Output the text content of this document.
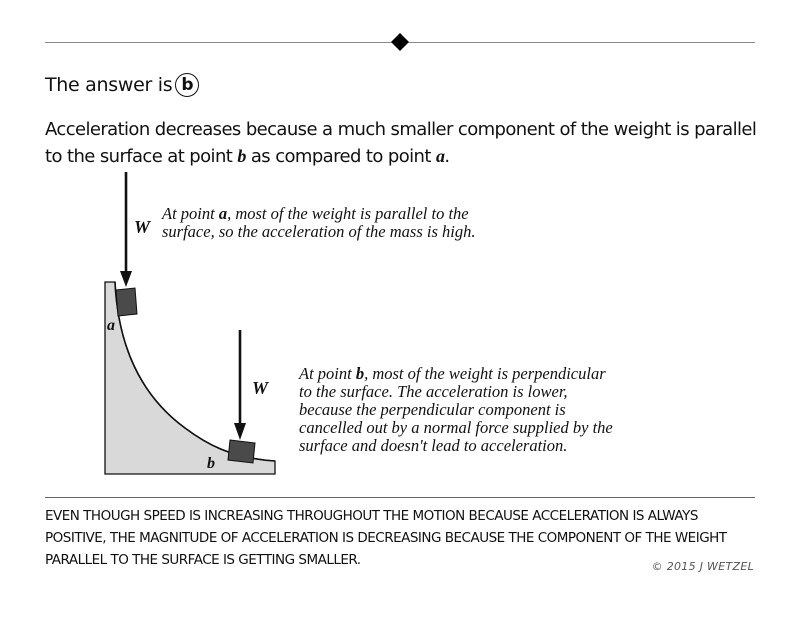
The answer is b
Acceleration decreases because a much smaller component of the weight is parallel to the surface at point b as compared to point a.
W
W
a
b
At point a, most of the weight is parallel to the surface, so the acceleration of the mass is high.
At point b, most of the weight is perpendicular to the surface. The acceleration is lower, because the perpendicular component is cancelled out by a normal force supplied by the surface and doesn't lead to acceleration.
EVEN THOUGH SPEED IS INCREASING THROUGHOUT THE MOTION BECAUSE ACCELERATION IS ALWAYS POSITIVE, THE MAGNITUDE OF ACCELERATION IS DECREASING BECAUSE THE COMPONENT OF THE WEIGHT PARALLEL TO THE SURFACE IS GETTING SMALLER.	© 2015 J WETZEL
